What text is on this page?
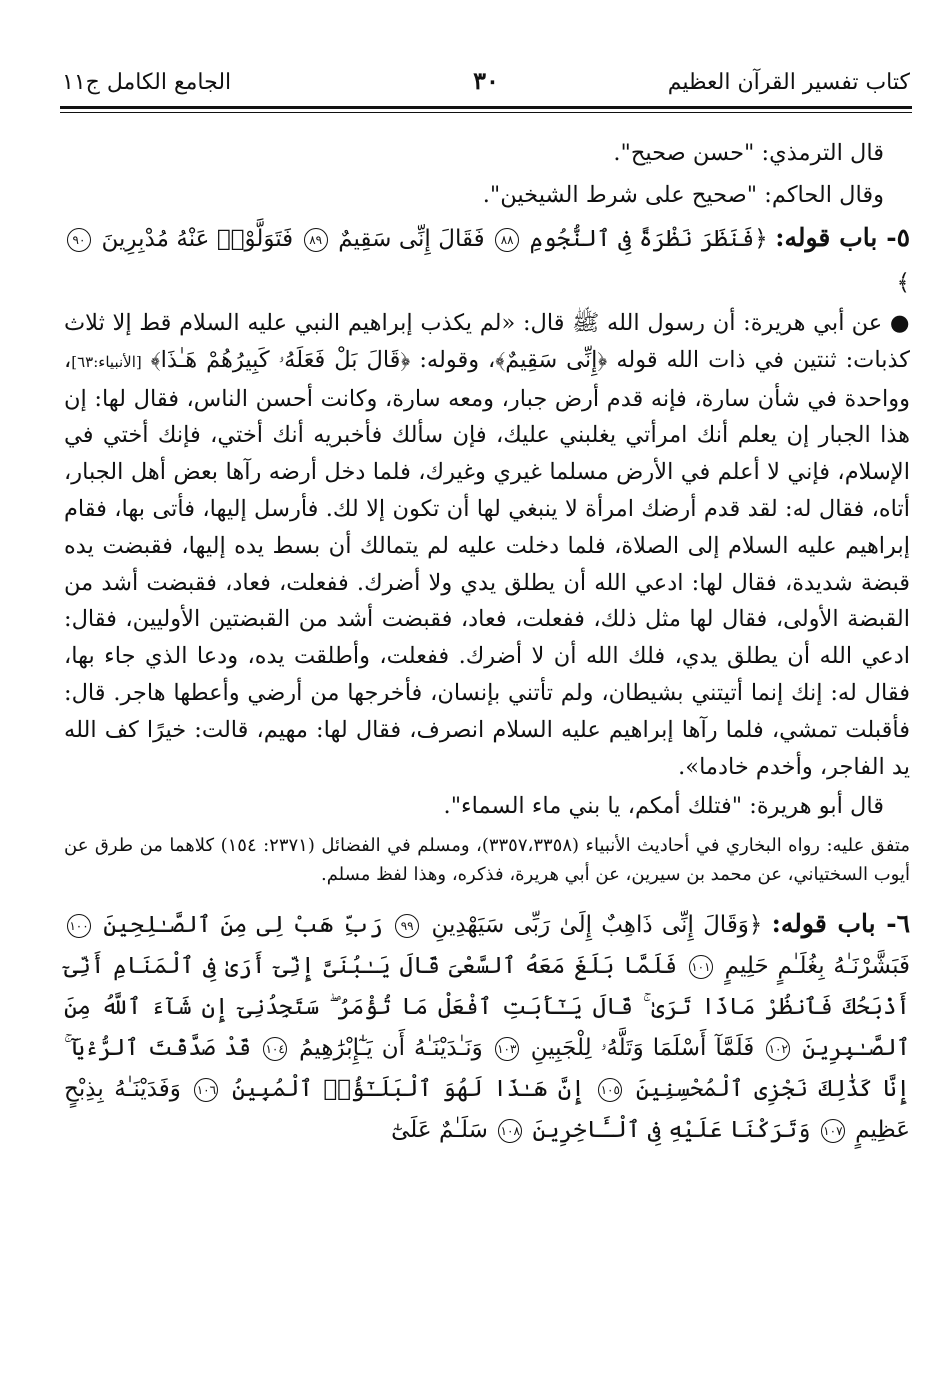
كتاب تفسير القرآن العظيم
٣٠
الجامع الكامل ج١١

قال الترمذي: "حسن صحيح".

وقال الحاكم: "صحيح على شرط الشيخين".

٥- باب قوله: ﴿فَنَظَرَ نَظْرَةً فِى ٱلنُّجُومِ ٨٨ فَقَالَ إِنِّى سَقِيمٌ ٨٩ فَتَوَلَّوْا۟ عَنْهُ مُدْبِرِينَ ٩٠ ﴾

● عن أبي هريرة: أن رسول الله ﷺ قال: «لم يكذب إبراهيم النبي عليه السلام قط إلا ثلاث كذبات: ثنتين في ذات الله قوله ﴿إِنِّى سَقِيمٌ﴾، وقوله: ﴿قَالَ بَلْ فَعَلَهُۥ كَبِيرُهُمْ هَـٰذَا﴾ [الأنبياء:٦٣]، وواحدة في شأن سارة، فإنه قدم أرض جبار، ومعه سارة، وكانت أحسن الناس، فقال لها: إن هذا الجبار إن يعلم أنك امرأتي يغلبني عليك، فإن سألك فأخبريه أنك أختي، فإنك أختي في الإسلام، فإني لا أعلم في الأرض مسلما غيري وغيرك، فلما دخل أرضه رآها بعض أهل الجبار، أتاه، فقال له: لقد قدم أرضك امرأة لا ينبغي لها أن تكون إلا لك. فأرسل إليها، فأتى بها، فقام إبراهيم عليه السلام إلى الصلاة، فلما دخلت عليه لم يتمالك أن بسط يده إليها، فقبضت يده قبضة شديدة، فقال لها: ادعي الله أن يطلق يدي ولا أضرك. ففعلت، فعاد، فقبضت أشد من القبضة الأولى، فقال لها مثل ذلك، ففعلت، فعاد، فقبضت أشد من القبضتين الأوليين، فقال: ادعي الله أن يطلق يدي، فلك الله أن لا أضرك. ففعلت، وأطلقت يده، ودعا الذي جاء بها، فقال له: إنك إنما أتيتني بشيطان، ولم تأتني بإنسان، فأخرجها من أرضي وأعطها هاجر. قال: فأقبلت تمشي، فلما رآها إبراهيم عليه السلام انصرف، فقال لها: مهيم، قالت: خيرًا كف الله يد الفاجر، وأخدم خادما».

قال أبو هريرة: "فتلك أمكم، يا بني ماء السماء".

متفق عليه: رواه البخاري في أحاديث الأنبياء (٣٣٥٧،٣٣٥٨)، ومسلم في الفضائل (٢٣٧١: ١٥٤) كلاهما من طرق عن أيوب السختياني، عن محمد بن سيرين، عن أبي هريرة، فذكره، وهذا لفظ مسلم.

٦- باب قوله: ﴿وَقَالَ إِنِّى ذَاهِبٌ إِلَىٰ رَبِّى سَيَهْدِينِ ٩٩ رَبِّ هَبْ لِى مِنَ ٱلصَّـٰلِحِينَ ١٠٠ فَبَشَّرْنَـٰهُ بِغُلَـٰمٍ حَلِيمٍ ١٠١ فَلَمَّا بَلَغَ مَعَهُ ٱلسَّعْىَ قَالَ يَـٰبُنَىَّ إِنِّىٓ أَرَىٰ فِى ٱلْمَنَامِ أَنِّىٓ أَذْبَحُكَ فَٱنظُرْ مَاذَا تَرَىٰ ۚ قَالَ يَـٰٓأَبَتِ ٱفْعَلْ مَا تُؤْمَرُ ۖ سَتَجِدُنِىٓ إِن شَآءَ ٱللَّهُ مِنَ ٱلصَّـٰبِرِينَ ١٠٢ فَلَمَّآ أَسْلَمَا وَتَلَّهُۥ لِلْجَبِينِ ١٠٣ وَنَـٰدَيْنَـٰهُ أَن يَـٰٓإِبْرَٰهِيمُ ١٠٤ قَدْ صَدَّقْتَ ٱلرُّءْيَآ ۚ إِنَّا كَذَٰلِكَ نَجْزِى ٱلْمُحْسِنِينَ ١٠٥ إِنَّ هَـٰذَا لَهُوَ ٱلْبَلَـٰٓؤُا۟ ٱلْمُبِينُ ١٠٦ وَفَدَيْنَـٰهُ بِذِبْحٍ عَظِيمٍ ١٠٧ وَتَرَكْنَا عَلَيْهِ فِى ٱلْـَٔاخِرِينَ ١٠٨ سَلَـٰمٌ عَلَىٰٓ
